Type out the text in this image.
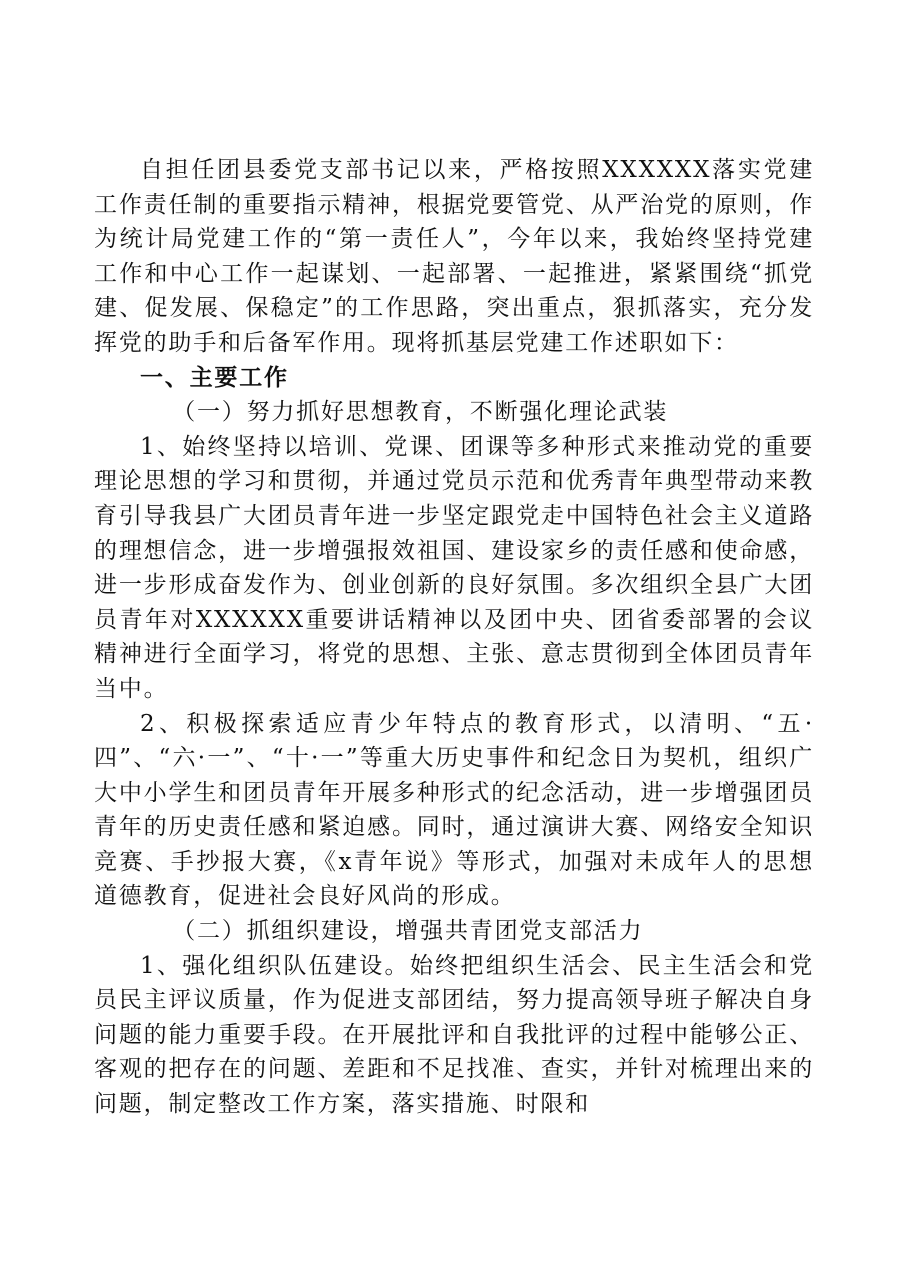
自担任团县委党支部书记以来，严格按照XXXXXX落实党建工作责任制的重要指示精神，根据党要管党、从严治党的原则，作为统计局党建工作的“第一责任人”，今年以来，我始终坚持党建工作和中心工作一起谋划、一起部署、一起推进，紧紧围绕“抓党建、促发展、保稳定”的工作思路，突出重点，狠抓落实，充分发挥党的助手和后备军作用。现将抓基层党建工作述职如下：

一、主要工作

（一）努力抓好思想教育，不断强化理论武装

1、始终坚持以培训、党课、团课等多种形式来推动党的重要理论思想的学习和贯彻，并通过党员示范和优秀青年典型带动来教育引导我县广大团员青年进一步坚定跟党走中国特色社会主义道路的理想信念，进一步增强报效祖国、建设家乡的责任感和使命感，进一步形成奋发作为、创业创新的良好氛围。多次组织全县广大团员青年对XXXXXX重要讲话精神以及团中央、团省委部署的会议精神进行全面学习，将党的思想、主张、意志贯彻到全体团员青年当中。

2、积极探索适应青少年特点的教育形式，以清明、“五·四”、“六·一”、“十·一”等重大历史事件和纪念日为契机，组织广大中小学生和团员青年开展多种形式的纪念活动，进一步增强团员青年的历史责任感和紧迫感。同时，通过演讲大赛、网络安全知识竞赛、手抄报大赛，《x青年说》等形式，加强对未成年人的思想道德教育，促进社会良好风尚的形成。

（二）抓组织建设，增强共青团党支部活力

1、强化组织队伍建设。始终把组织生活会、民主生活会和党员民主评议质量，作为促进支部团结，努力提高领导班子解决自身问题的能力重要手段。在开展批评和自我批评的过程中能够公正、客观的把存在的问题、差距和不足找准、查实，并针对梳理出来的问题，制定整改工作方案，落实措施、时限和
